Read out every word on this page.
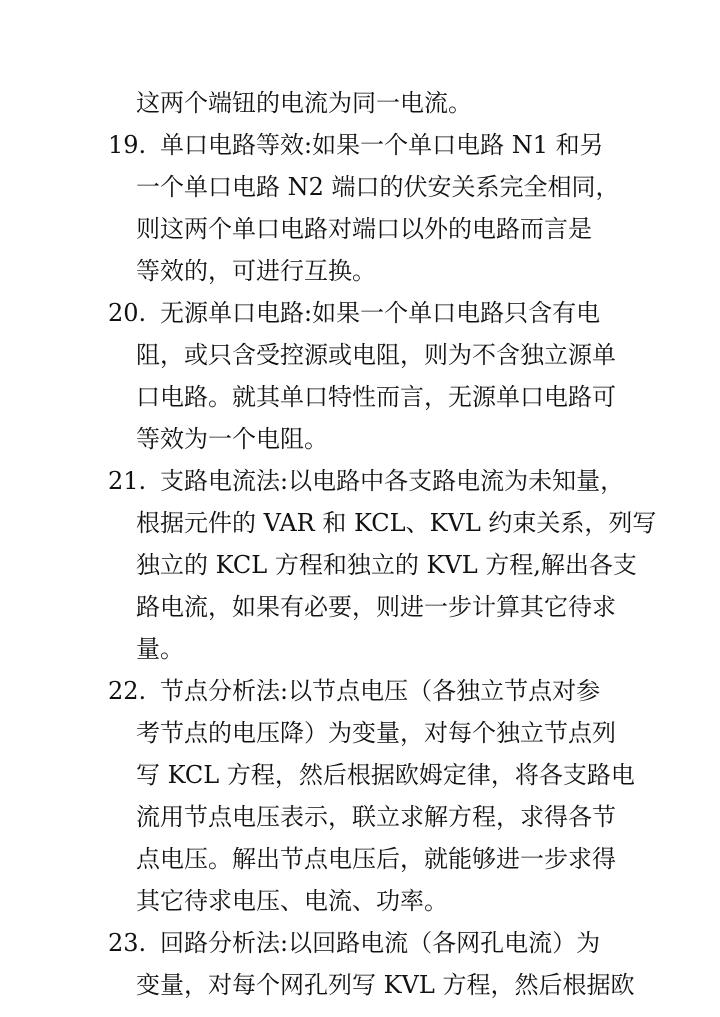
这两个端钮的电流为同一电流。
19. 单口电路等效:如果一个单口电路 N1 和另
一个单口电路 N2 端口的伏安关系完全相同，
则这两个单口电路对端口以外的电路而言是
等效的，可进行互换。
20. 无源单口电路:如果一个单口电路只含有电
阻，或只含受控源或电阻，则为不含独立源单
口电路。就其单口特性而言，无源单口电路可
等效为一个电阻。
21. 支路电流法:以电路中各支路电流为未知量，
根据元件的 VAR 和 KCL、KVL 约束关系，列写
独立的 KCL 方程和独立的 KVL 方程,解出各支
路电流，如果有必要，则进一步计算其它待求
量。
22. 节点分析法:以节点电压（各独立节点对参
考节点的电压降）为变量，对每个独立节点列
写 KCL 方程，然后根据欧姆定律，将各支路电
流用节点电压表示，联立求解方程，求得各节
点电压。解出节点电压后，就能够进一步求得
其它待求电压、电流、功率。
23. 回路分析法:以回路电流（各网孔电流）为
变量，对每个网孔列写 KVL 方程，然后根据欧
